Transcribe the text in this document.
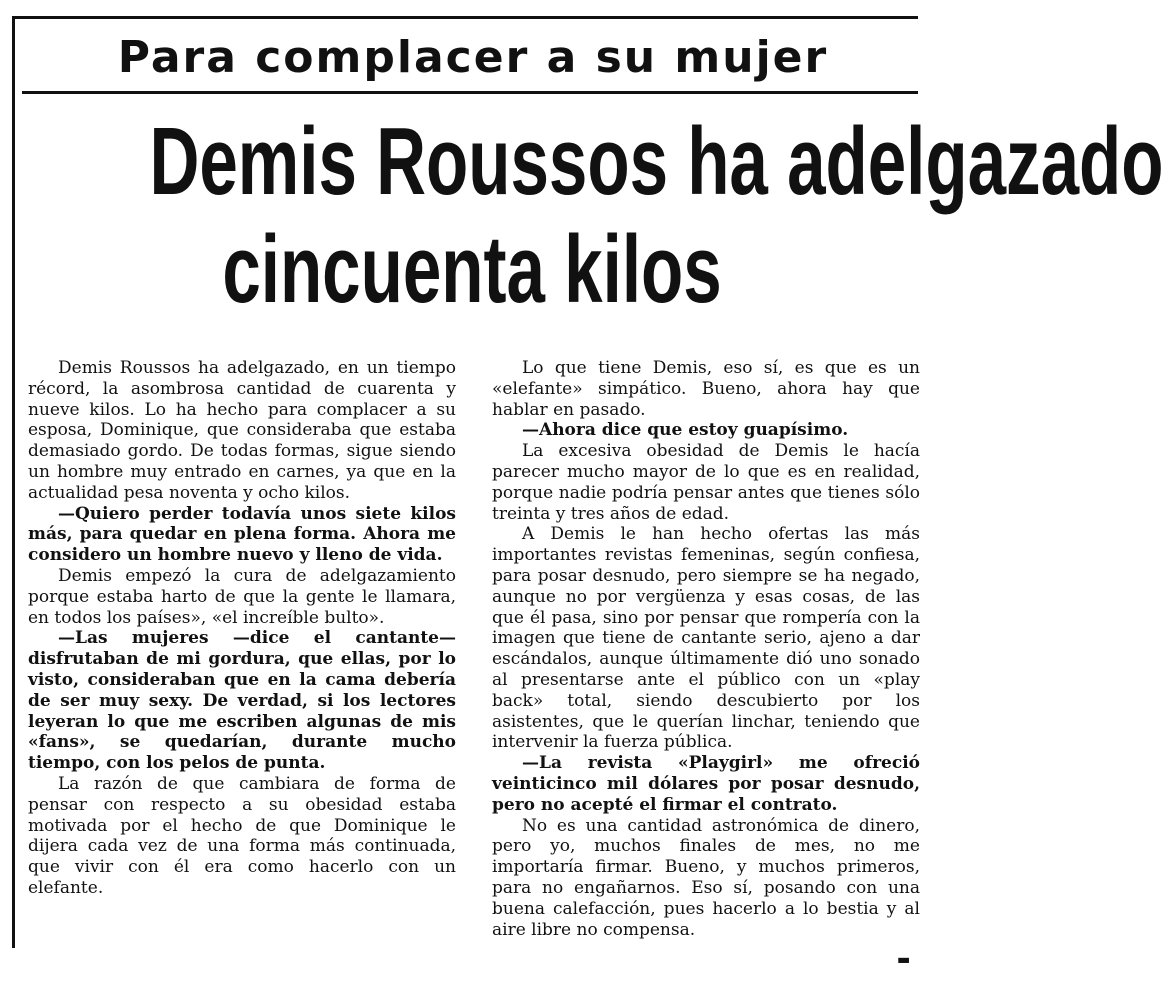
Para complacer a su mujer
Demis Roussos ha adelgazado
cincuenta kilos

Demis Roussos ha adelgazado, en un tiempo récord, la asombrosa cantidad de cuarenta y nueve kilos. Lo ha hecho para complacer a su esposa, Dominique, que consideraba que estaba demasiado gordo. De todas formas, sigue siendo un hombre muy entrado en carnes, ya que en la actualidad pesa noventa y ocho kilos.

—Quiero perder todavía unos siete kilos más, para quedar en plena forma. Ahora me considero un hombre nuevo y lleno de vida.

Demis empezó la cura de adelgazamiento porque estaba harto de que la gente le llamara, en todos los países», «el increíble bulto».

—Las mujeres —dice el cantante— disfrutaban de mi gordura, que ellas, por lo visto, consideraban que en la cama debería de ser muy sexy. De verdad, si los lectores leyeran lo que me escriben algunas de mis «fans», se quedarían, durante mucho tiempo, con los pelos de punta.

La razón de que cambiara de forma de pensar con respecto a su obesidad estaba motivada por el hecho de que Dominique le dijera cada vez de una forma más continuada, que vivir con él era como hacerlo con un elefante.

Lo que tiene Demis, eso sí, es que es un «elefante» simpático. Bueno, ahora hay que hablar en pasado.

—Ahora dice que estoy guapísimo.

La excesiva obesidad de Demis le hacía parecer mucho mayor de lo que es en realidad, porque nadie podría pensar antes que tienes sólo treinta y tres años de edad.

A Demis le han hecho ofertas las más importantes revistas femeninas, según confiesa, para posar desnudo, pero siempre se ha negado, aunque no por vergüenza y esas cosas, de las que él pasa, sino por pensar que rompería con la imagen que tiene de cantante serio, ajeno a dar escándalos, aunque últimamente dió uno sonado al presentarse ante el público con un «play back» total, siendo descubierto por los asistentes, que le querían linchar, teniendo que intervenir la fuerza pública.

—La revista «Playgirl» me ofreció veinticinco mil dólares por posar desnudo, pero no acepté el firmar el contrato.

No es una cantidad astronómica de dinero, pero yo, muchos finales de mes, no me importaría firmar. Bueno, y muchos primeros, para no engañarnos. Eso sí, posando con una buena calefacción, pues hacerlo a lo bestia y al aire libre no compensa.

▬
